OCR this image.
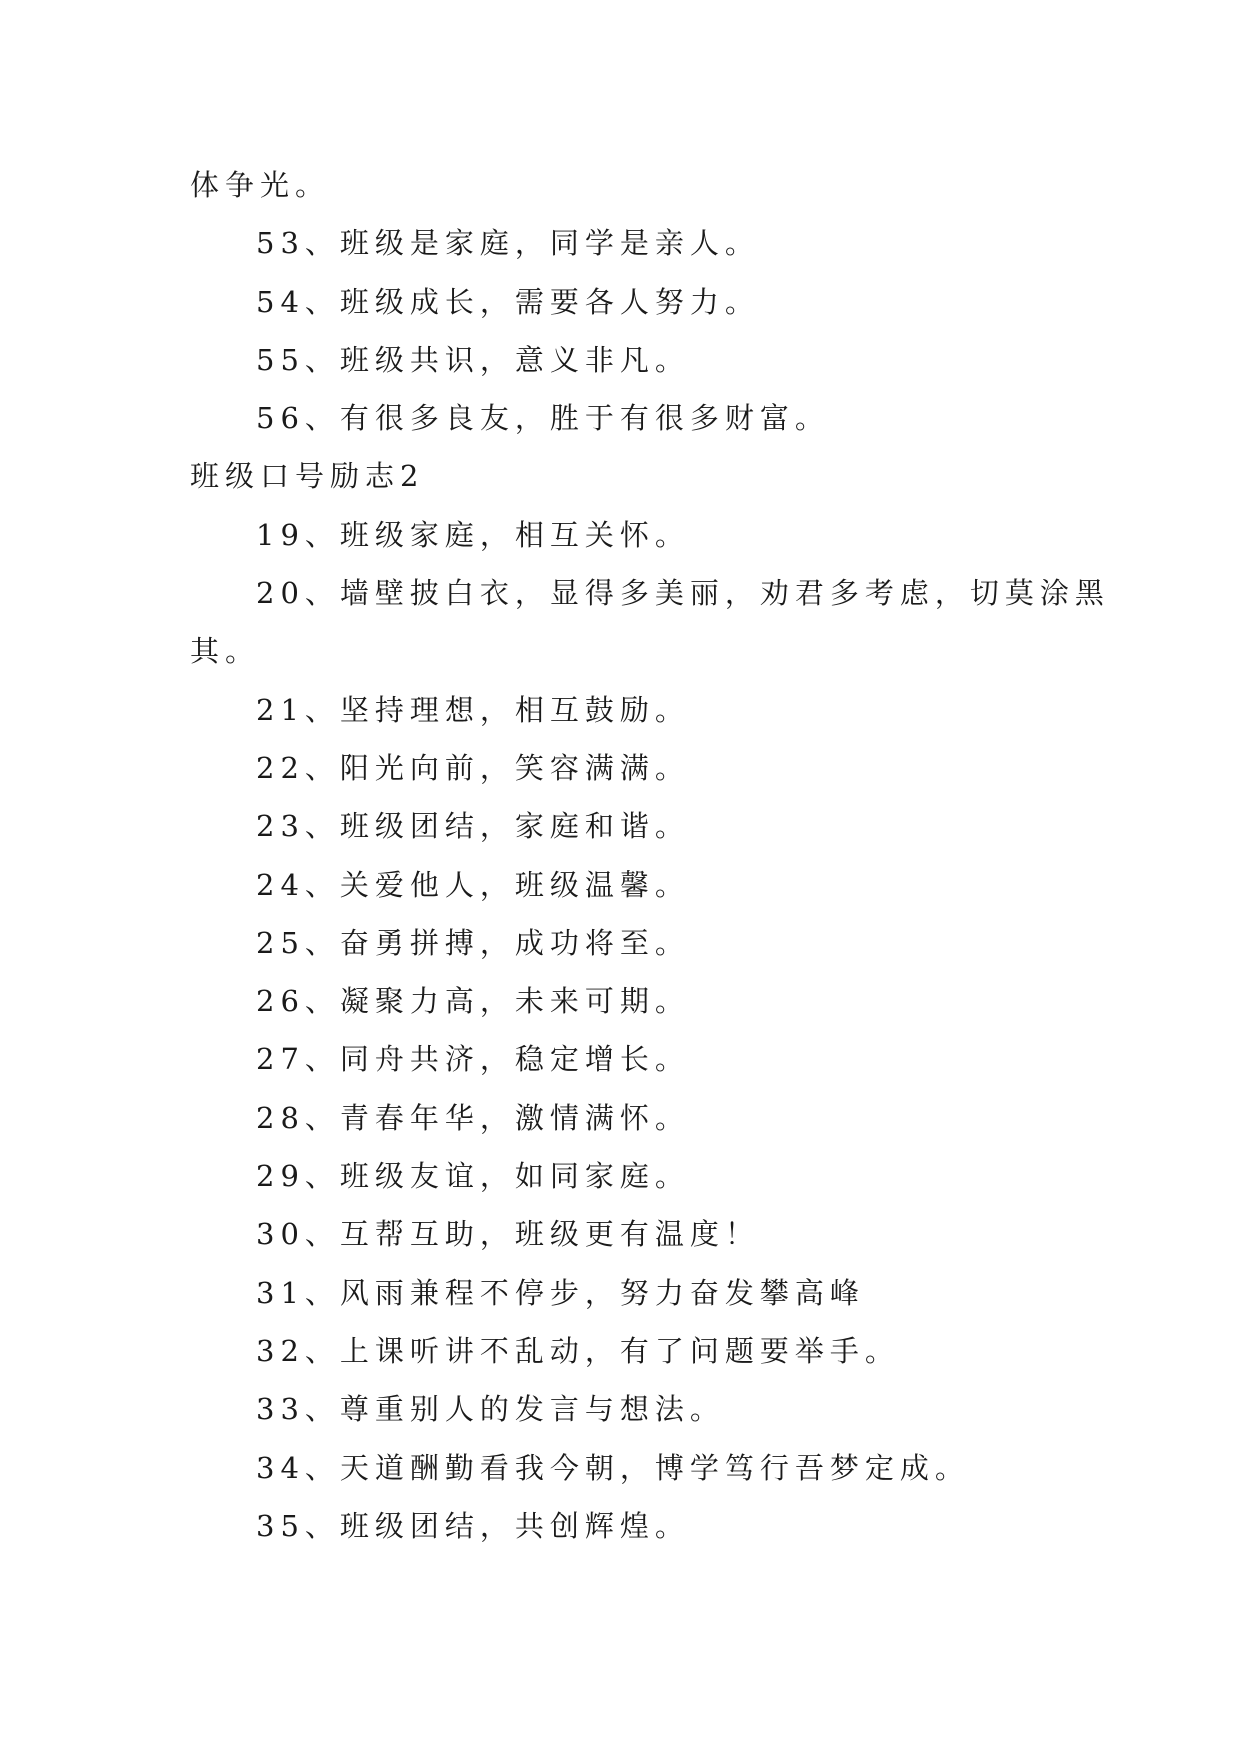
体争光。
53、班级是家庭，同学是亲人。
54、班级成长，需要各人努力。
55、班级共识，意义非凡。
56、有很多良友，胜于有很多财富。
班级口号励志2
19、班级家庭，相互关怀。
20、墙壁披白衣，显得多美丽，劝君多考虑，切莫涂黑
其。
21、坚持理想，相互鼓励。
22、阳光向前，笑容满满。
23、班级团结，家庭和谐。
24、关爱他人，班级温馨。
25、奋勇拼搏，成功将至。
26、凝聚力高，未来可期。
27、同舟共济，稳定增长。
28、青春年华，激情满怀。
29、班级友谊，如同家庭。
30、互帮互助，班级更有温度！
31、风雨兼程不停步，努力奋发攀高峰
32、上课听讲不乱动，有了问题要举手。
33、尊重别人的发言与想法。
34、天道酬勤看我今朝，博学笃行吾梦定成。
35、班级团结，共创辉煌。
